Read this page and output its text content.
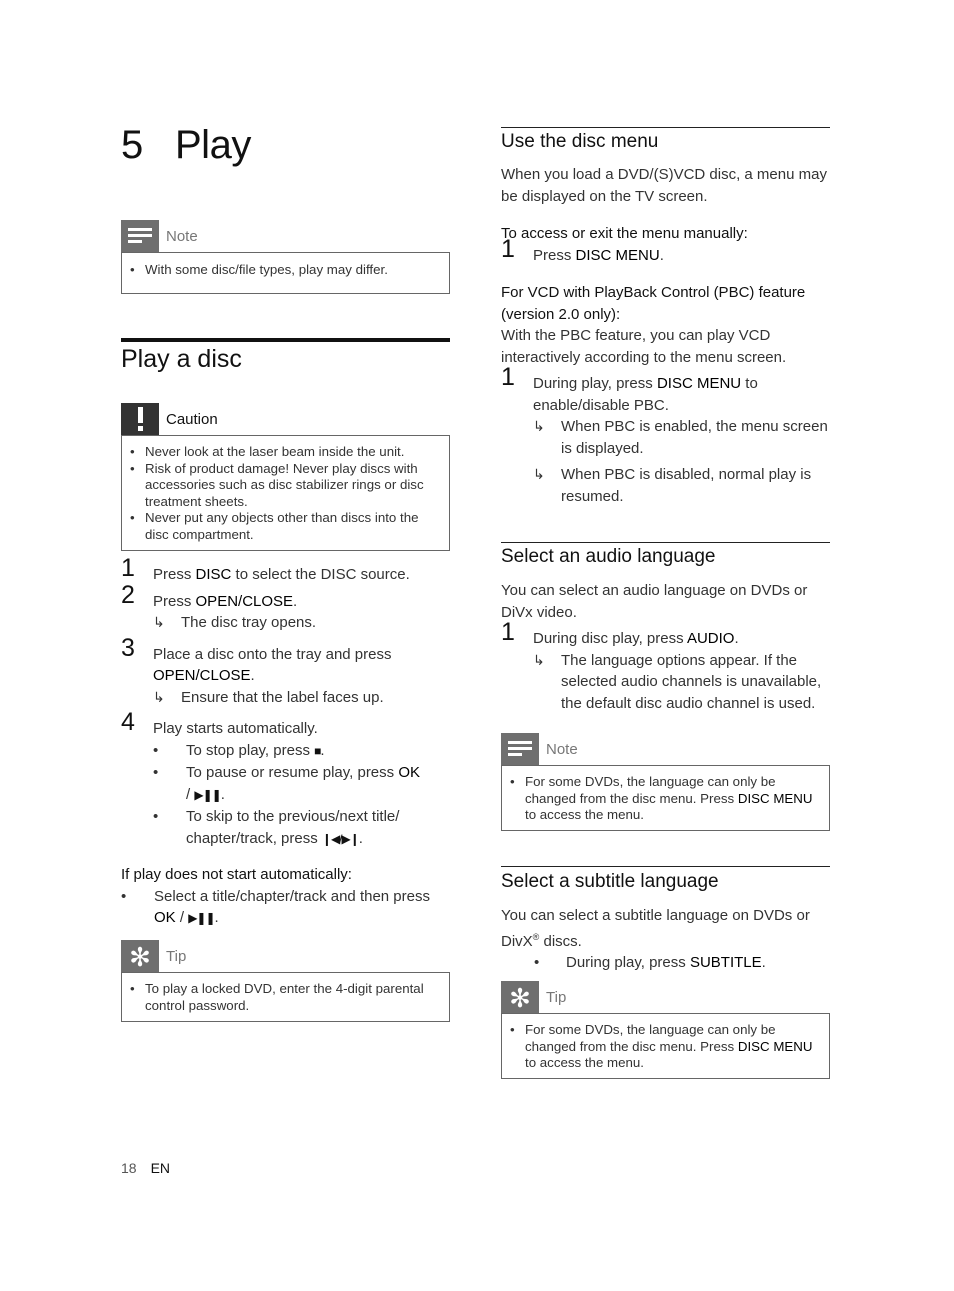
5 Play
Note
• With some disc/file types, play may differ.
Play a disc
Caution
• Never look at the laser beam inside the unit.
• Risk of product damage! Never play discs with accessories such as disc stabilizer rings or disc treatment sheets.
• Never put any objects other than discs into the disc compartment.
1 Press DISC to select the DISC source.
2 Press OPEN/CLOSE.
↳ The disc tray opens.
3 Place a disc onto the tray and press OPEN/CLOSE.
↳ Ensure that the label faces up.
4 Play starts automatically.
• To stop play, press ■.
• To pause or resume play, press OK
/ ▶❚❚.
• To skip to the previous/next title/ chapter/track, press ❙◀/▶❙.

If play does not start automatically:

• Select a title/chapter/track and then press
OK / ▶❚❚.
✻ Tip
• To play a locked DVD, enter the 4-digit parental control password.
Use the disc menu

When you load a DVD/(S)VCD disc, a menu may be displayed on the TV screen.

To access or exit the menu manually:

1 Press DISC MENU.

For VCD with PlayBack Control (PBC) feature (version 2.0 only):

With the PBC feature, you can play VCD interactively according to the menu screen.

1 During play, press DISC MENU to enable/disable PBC.
↳ When PBC is enabled, the menu screen is displayed.
↳ When PBC is disabled, normal play is resumed.
Select an audio language

You can select an audio language on DVDs or DiVx video.

1 During disc play, press AUDIO.
↳ The language options appear. If the selected audio channels is unavailable, the default disc audio channel is used.
Note
• For some DVDs, the language can only be changed from the disc menu. Press DISC MENU to access the menu.
Select a subtitle language

You can select a subtitle language on DVDs or DivX® discs.

• During play, press SUBTITLE.
✻ Tip
• For some DVDs, the language can only be changed from the disc menu. Press DISC MENU to access the menu.
18 EN
